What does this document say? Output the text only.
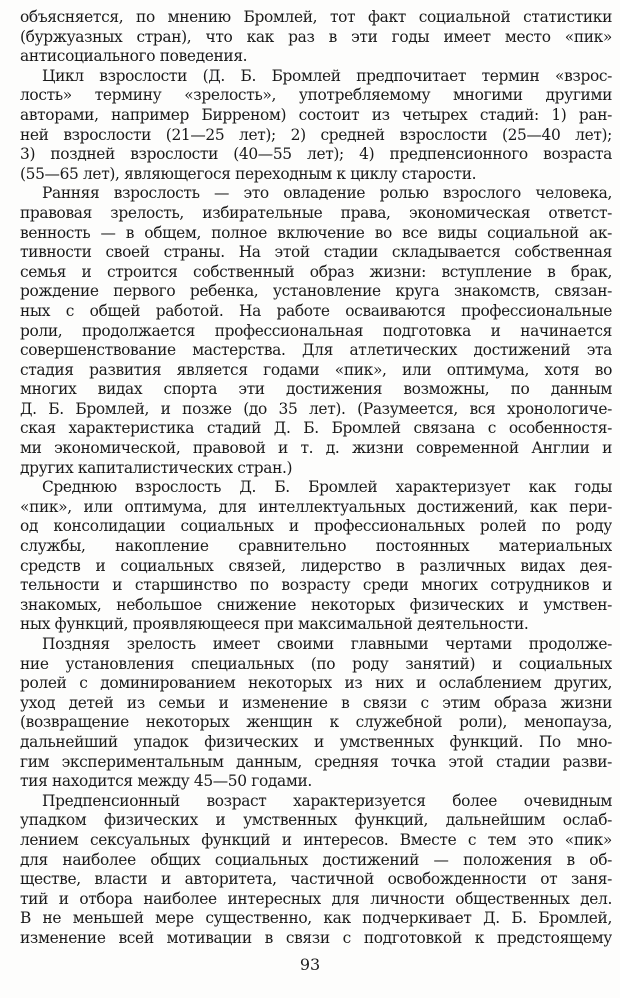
объясняется, по мнению Бромлей, тот факт социальной статистики
(буржуазных стран), что как раз в эти годы имеет место «пик»
антисоциального поведения.
Цикл взрослости (Д. Б. Бромлей предпочитает термин «взрос-
лость» термину «зрелость», употребляемому многими другими
авторами, например Бирреном) состоит из четырех стадий: 1) ран-
ней взрослости (21—25 лет); 2) средней взрослости (25—40 лет);
3) поздней взрослости (40—55 лет); 4) предпенсионного возраста
(55—65 лет), являющегося переходным к циклу старости.
Ранняя взрослость — это овладение ролью взрослого человека,
правовая зрелость, избирательные права, экономическая ответст-
венность — в общем, полное включение во все виды социальной ак-
тивности своей страны. На этой стадии складывается собственная
семья и строится собственный образ жизни: вступление в брак,
рождение первого ребенка, установление круга знакомств, связан-
ных с общей работой. На работе осваиваются профессиональные
роли, продолжается профессиональная подготовка и начинается
совершенствование мастерства. Для атлетических достижений эта
стадия развития является годами «пик», или оптимума, хотя во
многих видах спорта эти достижения возможны, по данным
Д. Б. Бромлей, и позже (до 35 лет). (Разумеется, вся хронологиче-
ская характеристика стадий Д. Б. Бромлей связана с особенностя-
ми экономической, правовой и т. д. жизни современной Англии и
других капиталистических стран.)
Среднюю взрослость Д. Б. Бромлей характеризует как годы
«пик», или оптимума, для интеллектуальных достижений, как пери-
од консолидации социальных и профессиональных ролей по роду
службы, накопление сравнительно постоянных материальных
средств и социальных связей, лидерство в различных видах дея-
тельности и старшинство по возрасту среди многих сотрудников и
знакомых, небольшое снижение некоторых физических и умствен-
ных функций, проявляющееся при максимальной деятельности.
Поздняя зрелость имеет своими главными чертами продолже-
ние установления специальных (по роду занятий) и социальных
ролей с доминированием некоторых из них и ослаблением других,
уход детей из семьи и изменение в связи с этим образа жизни
(возвращение некоторых женщин к служебной роли), менопауза,
дальнейший упадок физических и умственных функций. По мно-
гим экспериментальным данным, средняя точка этой стадии разви-
тия находится между 45—50 годами.
Предпенсионный возраст характеризуется более очевидным
упадком физических и умственных функций, дальнейшим ослаб-
лением сексуальных функций и интересов. Вместе с тем это «пик»
для наиболее общих социальных достижений — положения в об-
ществе, власти и авторитета, частичной освобожденности от заня-
тий и отбора наиболее интересных для личности общественных дел.
В не меньшей мере существенно, как подчеркивает Д. Б. Бромлей,
изменение всей мотивации в связи с подготовкой к предстоящему
93
